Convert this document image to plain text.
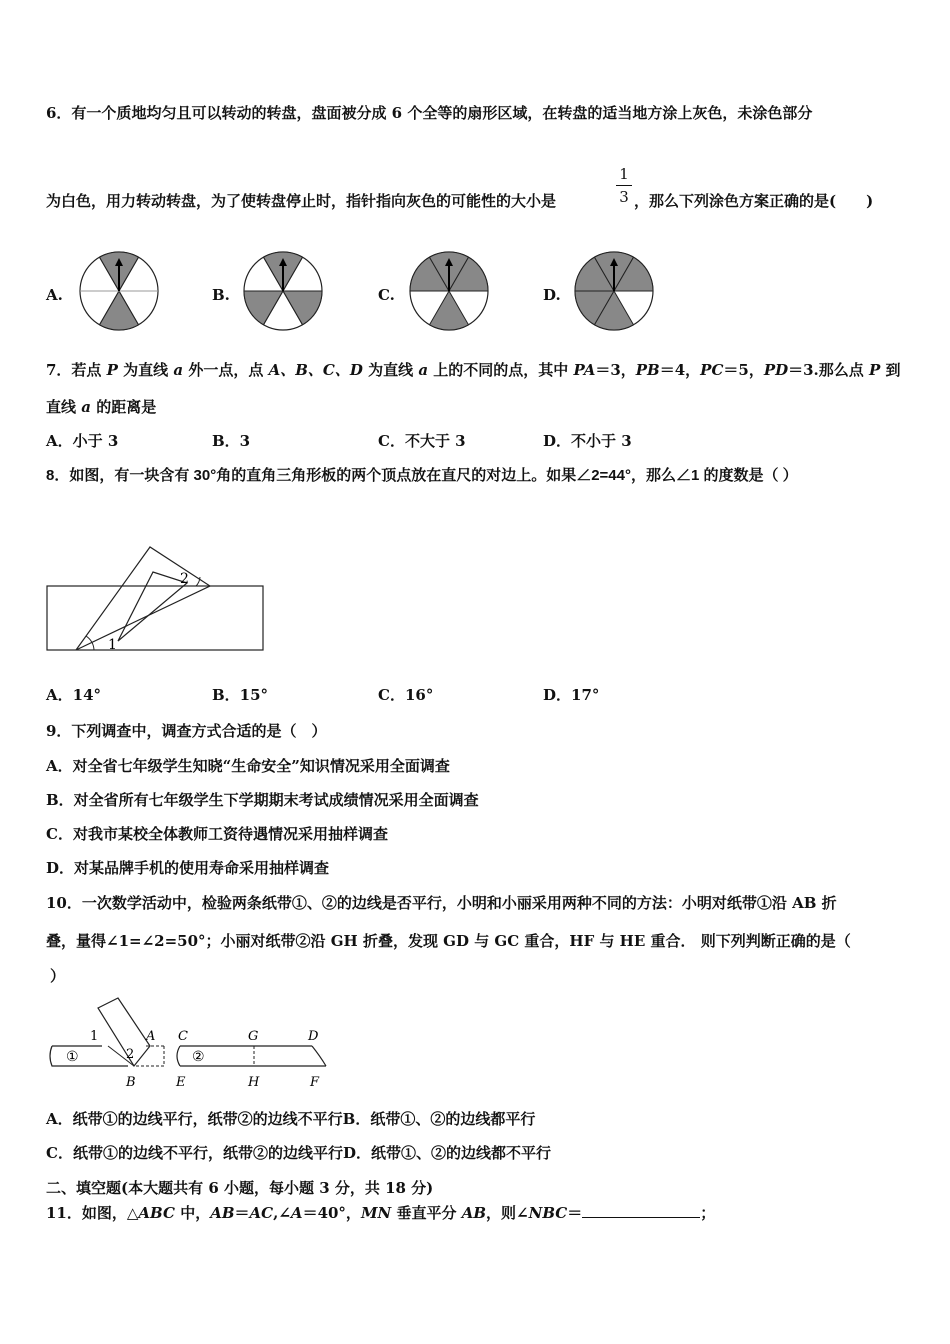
6．有一个质地均匀且可以转动的转盘，盘面被分成 6 个全等的扇形区域，在转盘的适当地方涂上灰色，未涂色部分
1
3
为白色，用力转动转盘，为了使转盘停止时，指针指向灰色的可能性的大小是	，那么下列涂色方案正确的是(　　)
A.	B.	C.	D.
7．若点 P 为直线 a 外一点，点 A、B、C、D 为直线 a 上的不同的点，其中 PA＝3，PB＝4，PC＝5，PD＝3.那么点 P 到
直线 a 的距离是
A．小于 3	B．3	C．不大于 3	D．不小于 3
8．如图，有一块含有 30°角的直角三角形板的两个顶点放在直尺的对边上。如果∠2=44°，那么∠1 的度数是（ ）
1
2
A．14°	B．15°	C．16°	D．17°
9．下列调查中，调查方式合适的是（　）
A．对全省七年级学生知晓“生命安全”知识情况采用全面调查
B．对全省所有七年级学生下学期期末考试成绩情况采用全面调查
C．对我市某校全体教师工资待遇情况采用抽样调查
D．对某品牌手机的使用寿命采用抽样调查
10．一次数学活动中，检验两条纸带①、②的边线是否平行，小明和小丽采用两种不同的方法：小明对纸带①沿 AB 折
叠，量得∠1=∠2=50°；小丽对纸带②沿 GH 折叠，发现 GD 与 GC 重合，HF 与 HE 重合． 则下列判断正确的是（
）
①
1
2
A
B
②
C	G	D
E	H	F
A．纸带①的边线平行，纸带②的边线不平行B．纸带①、②的边线都平行
C．纸带①的边线不平行，纸带②的边线平行D．纸带①、②的边线都不平行
二、填空题(本大题共有 6 小题，每小题 3 分，共 18 分)
11．如图，△ABC 中，AB＝AC,∠A＝40°，MN 垂直平分 AB，则∠NBC＝	；
